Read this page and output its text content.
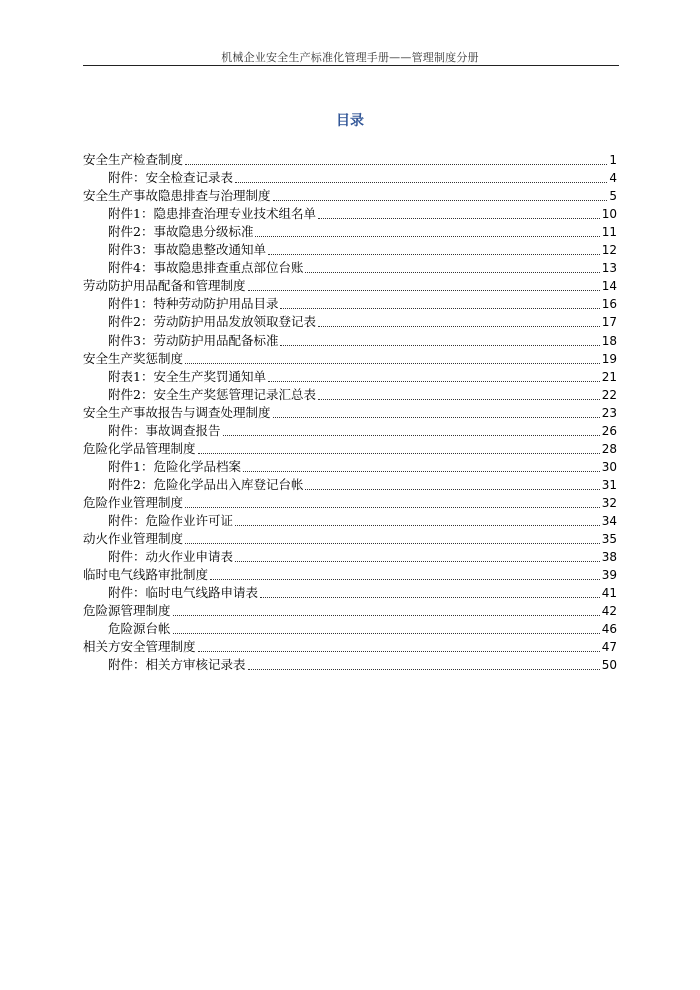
机械企业安全生产标准化管理手册——管理制度分册
目录
安全生产检查制度	1
附件：安全检查记录表	4
安全生产事故隐患排查与治理制度	5
附件1：隐患排查治理专业技术组名单	10
附件2：事故隐患分级标准	11
附件3：事故隐患整改通知单	12
附件4：事故隐患排查重点部位台账	13
劳动防护用品配备和管理制度	14
附件1：特种劳动防护用品目录	16
附件2：劳动防护用品发放领取登记表	17
附件3：劳动防护用品配备标准	18
安全生产奖惩制度	19
附表1：安全生产奖罚通知单	21
附件2：安全生产奖惩管理记录汇总表	22
安全生产事故报告与调查处理制度	23
附件：事故调查报告	26
危险化学品管理制度	28
附件1：危险化学品档案	30
附件2：危险化学品出入库登记台帐	31
危险作业管理制度	32
附件：危险作业许可证	34
动火作业管理制度	35
附件：动火作业申请表	38
临时电气线路审批制度	39
附件：临时电气线路申请表	41
危险源管理制度	42
危险源台帐	46
相关方安全管理制度	47
附件：相关方审核记录表	50
